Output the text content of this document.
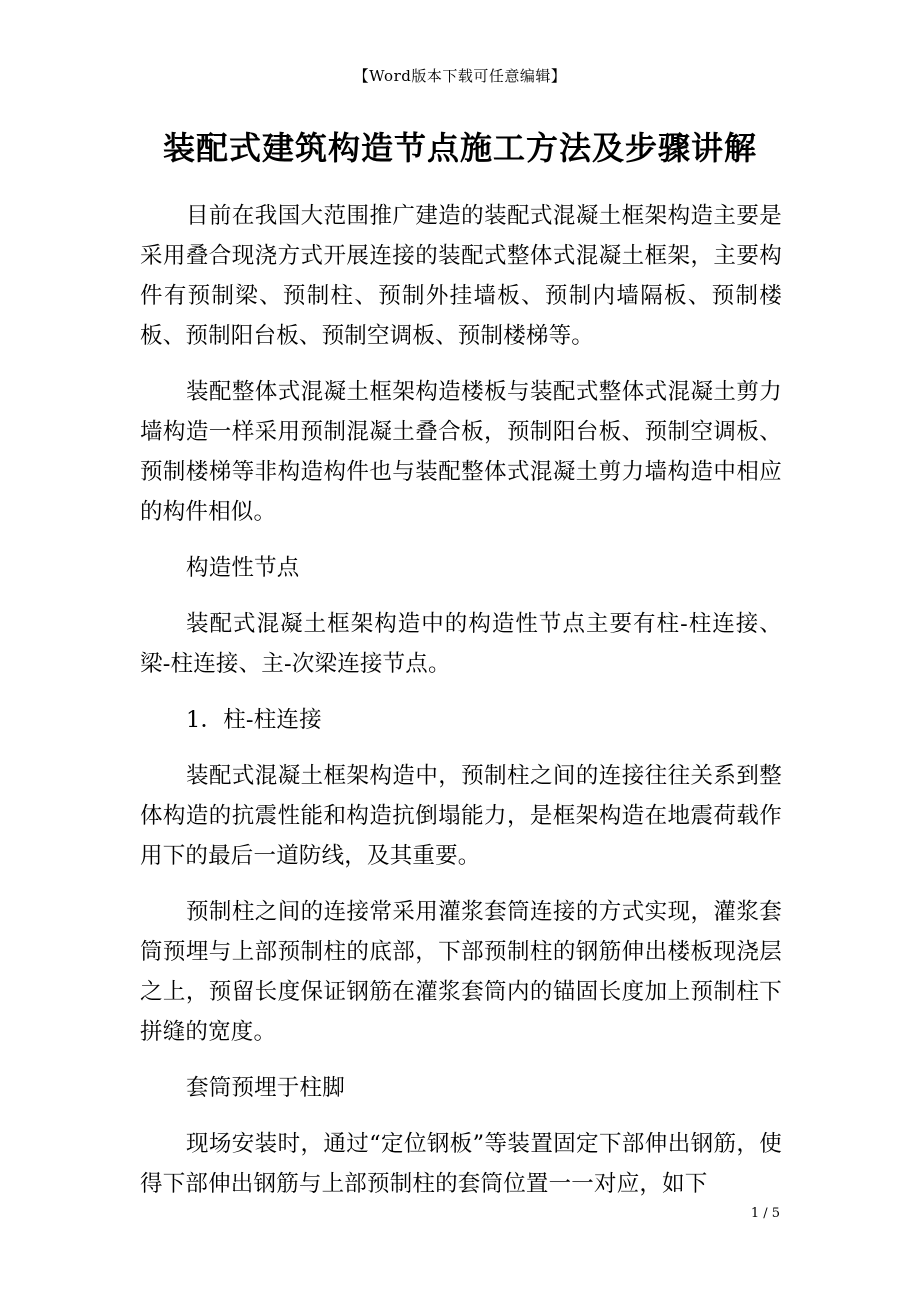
【Word版本下载可任意编辑】
装配式建筑构造节点施工方法及步骤讲解

目前在我国大范围推广建造的装配式混凝土框架构造主要是采用叠合现浇方式开展连接的装配式整体式混凝土框架，主要构件有预制梁、预制柱、预制外挂墙板、预制内墙隔板、预制楼板、预制阳台板、预制空调板、预制楼梯等。

装配整体式混凝土框架构造楼板与装配式整体式混凝土剪力墙构造一样采用预制混凝土叠合板，预制阳台板、预制空调板、预制楼梯等非构造构件也与装配整体式混凝土剪力墙构造中相应的构件相似。

构造性节点

装配式混凝土框架构造中的构造性节点主要有柱-柱连接、梁-柱连接、主-次梁连接节点。

1．柱-柱连接

装配式混凝土框架构造中，预制柱之间的连接往往关系到整体构造的抗震性能和构造抗倒塌能力，是框架构造在地震荷载作用下的最后一道防线，及其重要。

预制柱之间的连接常采用灌浆套筒连接的方式实现，灌浆套筒预埋与上部预制柱的底部，下部预制柱的钢筋伸出楼板现浇层之上，预留长度保证钢筋在灌浆套筒内的锚固长度加上预制柱下拼缝的宽度。

套筒预埋于柱脚

现场安装时，通过“定位钢板”等装置固定下部伸出钢筋，使得下部伸出钢筋与上部预制柱的套筒位置一一对应，如下

1 / 5
